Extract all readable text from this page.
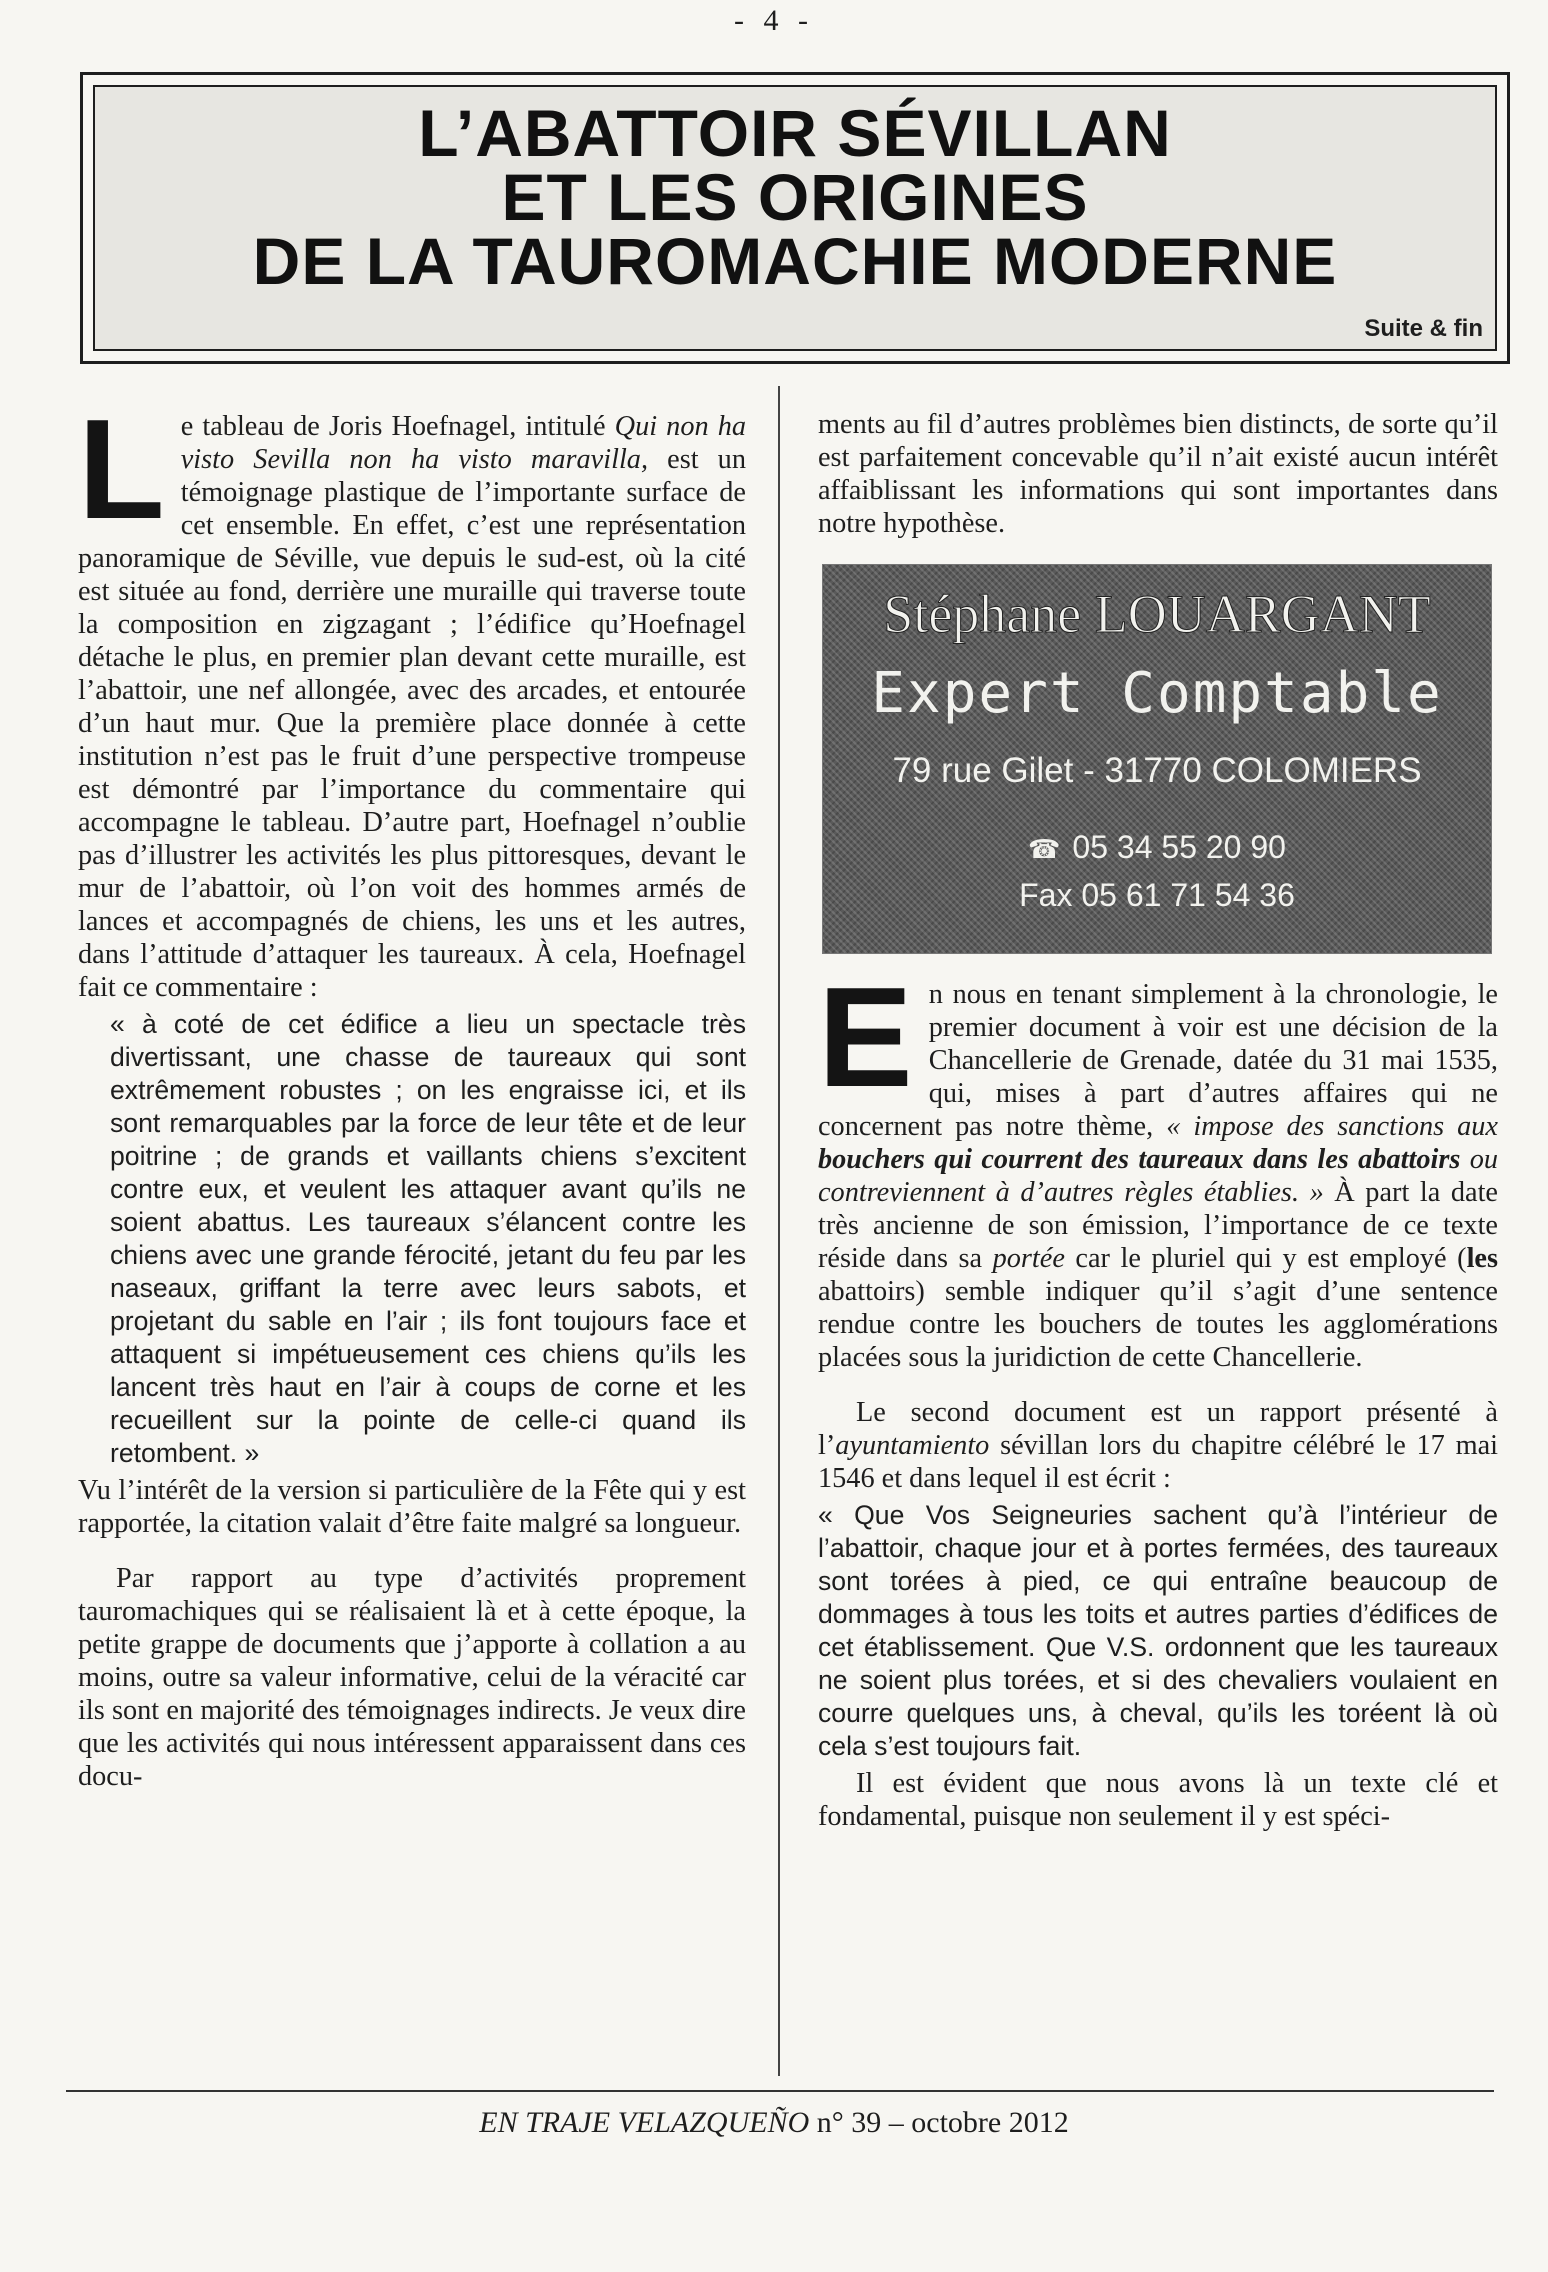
- 4 -
L’ABATTOIR SÉVILLAN
ET LES ORIGINES
DE LA TAUROMACHIE MODERNE
Suite & fin

Le tableau de Joris Hoefnagel, intitulé Qui non ha visto Sevilla non ha visto maravilla, est un témoignage plastique de l’importante surface de cet ensemble. En effet, c’est une représentation panoramique de Séville, vue depuis le sud-est, où la cité est située au fond, derrière une muraille qui traverse toute la composition en zigzagant ; l’édifice qu’Hoefnagel détache le plus, en premier plan devant cette muraille, est l’abattoir, une nef allongée, avec des arcades, et entourée d’un haut mur. Que la première place donnée à cette institution n’est pas le fruit d’une perspective trompeuse est démontré par l’importance du commentaire qui accompagne le tableau. D’autre part, Hoefnagel n’oublie pas d’illustrer les activités les plus pittoresques, devant le mur de l’abattoir, où l’on voit des hommes armés de lances et accompagnés de chiens, les uns et les autres, dans l’attitude d’attaquer les taureaux. À cela, Hoefnagel fait ce commentaire :

« à coté de cet édifice a lieu un spectacle très divertissant, une chasse de taureaux qui sont extrêmement robustes ; on les engraisse ici, et ils sont remarquables par la force de leur tête et de leur poitrine ; de grands et vaillants chiens s’excitent contre eux, et veulent les attaquer avant qu’ils ne soient abattus. Les taureaux s’élancent contre les chiens avec une grande férocité, jetant du feu par les naseaux, griffant la terre avec leurs sabots, et projetant du sable en l’air ; ils font toujours face et attaquent si impétueusement ces chiens qu’ils les lancent très haut en l’air à coups de corne et les recueillent sur la pointe de celle-ci quand ils retombent. »

Vu l’intérêt de la version si particulière de la Fête qui y est rapportée, la citation valait d’être faite malgré sa longueur.

Par rapport au type d’activités proprement tauromachiques qui se réalisaient là et à cette époque, la petite grappe de documents que j’apporte à collation a au moins, outre sa valeur informative, celui de la véracité car ils sont en majorité des témoignages indirects. Je veux dire que les activités qui nous intéressent apparaissent dans ces docu-

ments au fil d’autres problèmes bien distincts, de sorte qu’il est parfaitement concevable qu’il n’ait existé aucun intérêt affaiblissant les informations qui sont importantes dans notre hypothèse.

Stéphane LOUARGANT
Expert Comptable
79 rue Gilet - 31770 COLOMIERS
☎ 05 34 55 20 90
Fax 05 61 71 54 36

En nous en tenant simplement à la chronologie, le premier document à voir est une décision de la Chancellerie de Grenade, datée du 31 mai 1535, qui, mises à part d’autres affaires qui ne concernent pas notre thème, « impose des sanctions aux bouchers qui courrent des taureaux dans les abattoirs ou contreviennent à d’autres règles établies. » À part la date très ancienne de son émission, l’importance de ce texte réside dans sa portée car le pluriel qui y est employé (les abattoirs) semble indiquer qu’il s’agit d’une sentence rendue contre les bouchers de toutes les agglomérations placées sous la juridiction de cette Chancellerie.

Le second document est un rapport présenté à l’ayuntamiento sévillan lors du chapitre célébré le 17 mai 1546 et dans lequel il est écrit :

« Que Vos Seigneuries sachent qu’à l’intérieur de l’abattoir, chaque jour et à portes fermées, des taureaux sont torées à pied, ce qui entraîne beaucoup de dommages à tous les toits et autres parties d’édifices de cet établissement. Que V.S. ordonnent que les taureaux ne soient plus torées, et si des chevaliers voulaient en courre quelques uns, à cheval, qu’ils les toréent là où cela s’est toujours fait.

Il est évident que nous avons là un texte clé et fondamental, puisque non seulement il y est spéci-

EN TRAJE VELAZQUEÑO n° 39 – octobre 2012
